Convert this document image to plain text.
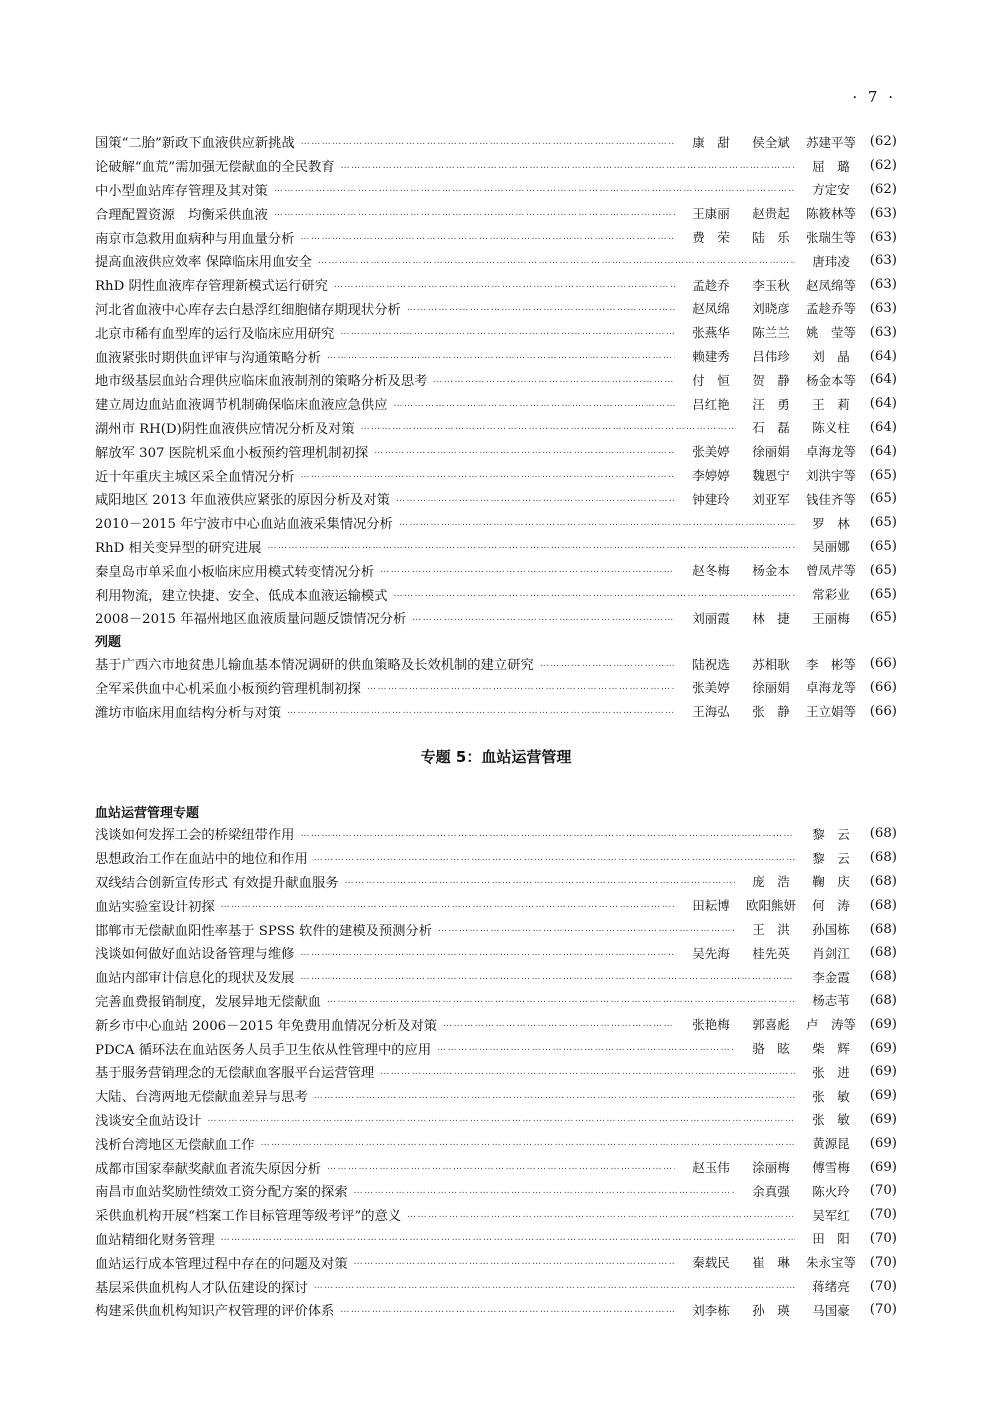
· 7 ·
国策“二胎”新政下血液供应新挑战 …………………………………………………………………………………………………………………………………………………………………………………………………………………………………………………………	康　甜	侯全斌	苏建平等	(62)
论破解“血荒”需加强无偿献血的全民教育 …………………………………………………………………………………………………………………………………………………………………………………………………………………………………………………………	屈　璐	(62)
中小型血站库存管理及其对策 …………………………………………………………………………………………………………………………………………………………………………………………………………………………………………………………	方定安	(62)
合理配置资源　均衡采供血液 …………………………………………………………………………………………………………………………………………………………………………………………………………………………………………………………	王康丽	赵贵起	陈筱林等	(63)
南京市急救用血病种与用血量分析 …………………………………………………………………………………………………………………………………………………………………………………………………………………………………………………………	费　荣	陆　乐	张瑞生等	(63)
提高血液供应效率 保障临床用血安全 …………………………………………………………………………………………………………………………………………………………………………………………………………………………………………………………	唐玮凌	(63)
RhD 阴性血液库存管理新模式运行研究 …………………………………………………………………………………………………………………………………………………………………………………………………………………………………………………………	孟趁乔	李玉秋	赵凤绵等	(63)
河北省血液中心库存去白悬浮红细胞储存期现状分析 …………………………………………………………………………………………………………………………………………………………………………………………………………………………………………………………	赵凤绵	刘晓彦	孟趁乔等	(63)
北京市稀有血型库的运行及临床应用研究 …………………………………………………………………………………………………………………………………………………………………………………………………………………………………………………………	张燕华	陈兰兰	姚　莹等	(63)
血液紧张时期供血评审与沟通策略分析 …………………………………………………………………………………………………………………………………………………………………………………………………………………………………………………………	赖建秀	吕伟珍	刘　晶	(64)
地市级基层血站合理供应临床血液制剂的策略分析及思考 …………………………………………………………………………………………………………………………………………………………………………………………………………………………………………………………	付　恒	贺　静	杨金本等	(64)
建立周边血站血液调节机制确保临床血液应急供应 …………………………………………………………………………………………………………………………………………………………………………………………………………………………………………………………	吕红艳	汪　勇	王　莉	(64)
湖州市 RH(D)阴性血液供应情况分析及对策 …………………………………………………………………………………………………………………………………………………………………………………………………………………………………………………………	石　磊	陈义柱	(64)
解放军 307 医院机采血小板预约管理机制初探 …………………………………………………………………………………………………………………………………………………………………………………………………………………………………………………………	张美婷	徐丽娟	卓海龙等	(64)
近十年重庆主城区采全血情况分析 …………………………………………………………………………………………………………………………………………………………………………………………………………………………………………………………	李婷婷	魏恩宁	刘洪宇等	(65)
咸阳地区 2013 年血液供应紧张的原因分析及对策 …………………………………………………………………………………………………………………………………………………………………………………………………………………………………………………………	钟建玲	刘亚军	钱佳齐等	(65)
2010－2015 年宁波市中心血站血液采集情况分析 …………………………………………………………………………………………………………………………………………………………………………………………………………………………………………………………	罗　林	(65)
RhD 相关变异型的研究进展 …………………………………………………………………………………………………………………………………………………………………………………………………………………………………………………………	吴丽娜	(65)
秦皇岛市单采血小板临床应用模式转变情况分析 …………………………………………………………………………………………………………………………………………………………………………………………………………………………………………………………	赵冬梅	杨金本	曾凤芹等	(65)
利用物流，建立快捷、安全、低成本血液运输模式 …………………………………………………………………………………………………………………………………………………………………………………………………………………………………………………………	常彩业	(65)
2008－2015 年福州地区血液质量问题反馈情况分析 …………………………………………………………………………………………………………………………………………………………………………………………………………………………………………………………	刘丽霞	林　捷	王丽梅	(65)
列题
基于广西六市地贫患儿输血基本情况调研的供血策略及长效机制的建立研究 …………………………………………………………………………………………………………………………………………………………………………………………………………………………………………………………	陆祝选	苏相耿	李　彬等	(66)
全军采供血中心机采血小板预约管理机制初探 …………………………………………………………………………………………………………………………………………………………………………………………………………………………………………………………	张美婷	徐丽娟	卓海龙等	(66)
潍坊市临床用血结构分析与对策 …………………………………………………………………………………………………………………………………………………………………………………………………………………………………………………………	王海弘	张　静	王立娟等	(66)
专题 5：血站运营管理
血站运营管理专题
浅谈如何发挥工会的桥梁纽带作用 …………………………………………………………………………………………………………………………………………………………………………………………………………………………………………………………	黎　云	(68)
思想政治工作在血站中的地位和作用 …………………………………………………………………………………………………………………………………………………………………………………………………………………………………………………………	黎　云	(68)
双线结合创新宣传形式 有效提升献血服务 …………………………………………………………………………………………………………………………………………………………………………………………………………………………………………………………	庞　浩	鞠　庆	(68)
血站实验室设计初探 …………………………………………………………………………………………………………………………………………………………………………………………………………………………………………………………	田耘博	欧阳熊妍	何　涛	(68)
邯郸市无偿献血阳性率基于 SPSS 软件的建模及预测分析 …………………………………………………………………………………………………………………………………………………………………………………………………………………………………………………………	王　洪	孙国栋	(68)
浅谈如何做好血站设备管理与维修 …………………………………………………………………………………………………………………………………………………………………………………………………………………………………………………………	吴先海	桂先英	肖剑江	(68)
血站内部审计信息化的现状及发展 …………………………………………………………………………………………………………………………………………………………………………………………………………………………………………………………	李金霞	(68)
完善血费报销制度，发展异地无偿献血 …………………………………………………………………………………………………………………………………………………………………………………………………………………………………………………………	杨志苇	(68)
新乡市中心血站 2006－2015 年免费用血情况分析及对策 …………………………………………………………………………………………………………………………………………………………………………………………………………………………………………………………	张艳梅	郭喜彪	卢　涛等	(69)
PDCA 循环法在血站医务人员手卫生依从性管理中的应用 …………………………………………………………………………………………………………………………………………………………………………………………………………………………………………………………	骆　眩	柴　辉	(69)
基于服务营销理念的无偿献血客服平台运营管理 …………………………………………………………………………………………………………………………………………………………………………………………………………………………………………………………	张　进	(69)
大陆、台湾两地无偿献血差异与思考 …………………………………………………………………………………………………………………………………………………………………………………………………………………………………………………………	张　敏	(69)
浅谈安全血站设计 …………………………………………………………………………………………………………………………………………………………………………………………………………………………………………………………	张　敏	(69)
浅析台湾地区无偿献血工作 …………………………………………………………………………………………………………………………………………………………………………………………………………………………………………………………	黄源昆	(69)
成都市国家奉献奖献血者流失原因分析 …………………………………………………………………………………………………………………………………………………………………………………………………………………………………………………………	赵玉伟	涂丽梅	傅雪梅	(69)
南昌市血站奖励性绩效工资分配方案的探索 …………………………………………………………………………………………………………………………………………………………………………………………………………………………………………………………	余真强	陈火玲	(70)
采供血机构开展“档案工作目标管理等级考评”的意义 …………………………………………………………………………………………………………………………………………………………………………………………………………………………………………………………	吴军红	(70)
血站精细化财务管理 …………………………………………………………………………………………………………………………………………………………………………………………………………………………………………………………	田　阳	(70)
血站运行成本管理过程中存在的问题及对策 …………………………………………………………………………………………………………………………………………………………………………………………………………………………………………………………	秦载民	崔　琳	朱永宝等	(70)
基层采供血机构人才队伍建设的探讨 …………………………………………………………………………………………………………………………………………………………………………………………………………………………………………………………	蒋绪亮	(70)
构建采供血机构知识产权管理的评价体系 …………………………………………………………………………………………………………………………………………………………………………………………………………………………………………………………	刘李栋	孙　瑛	马国豪	(70)
